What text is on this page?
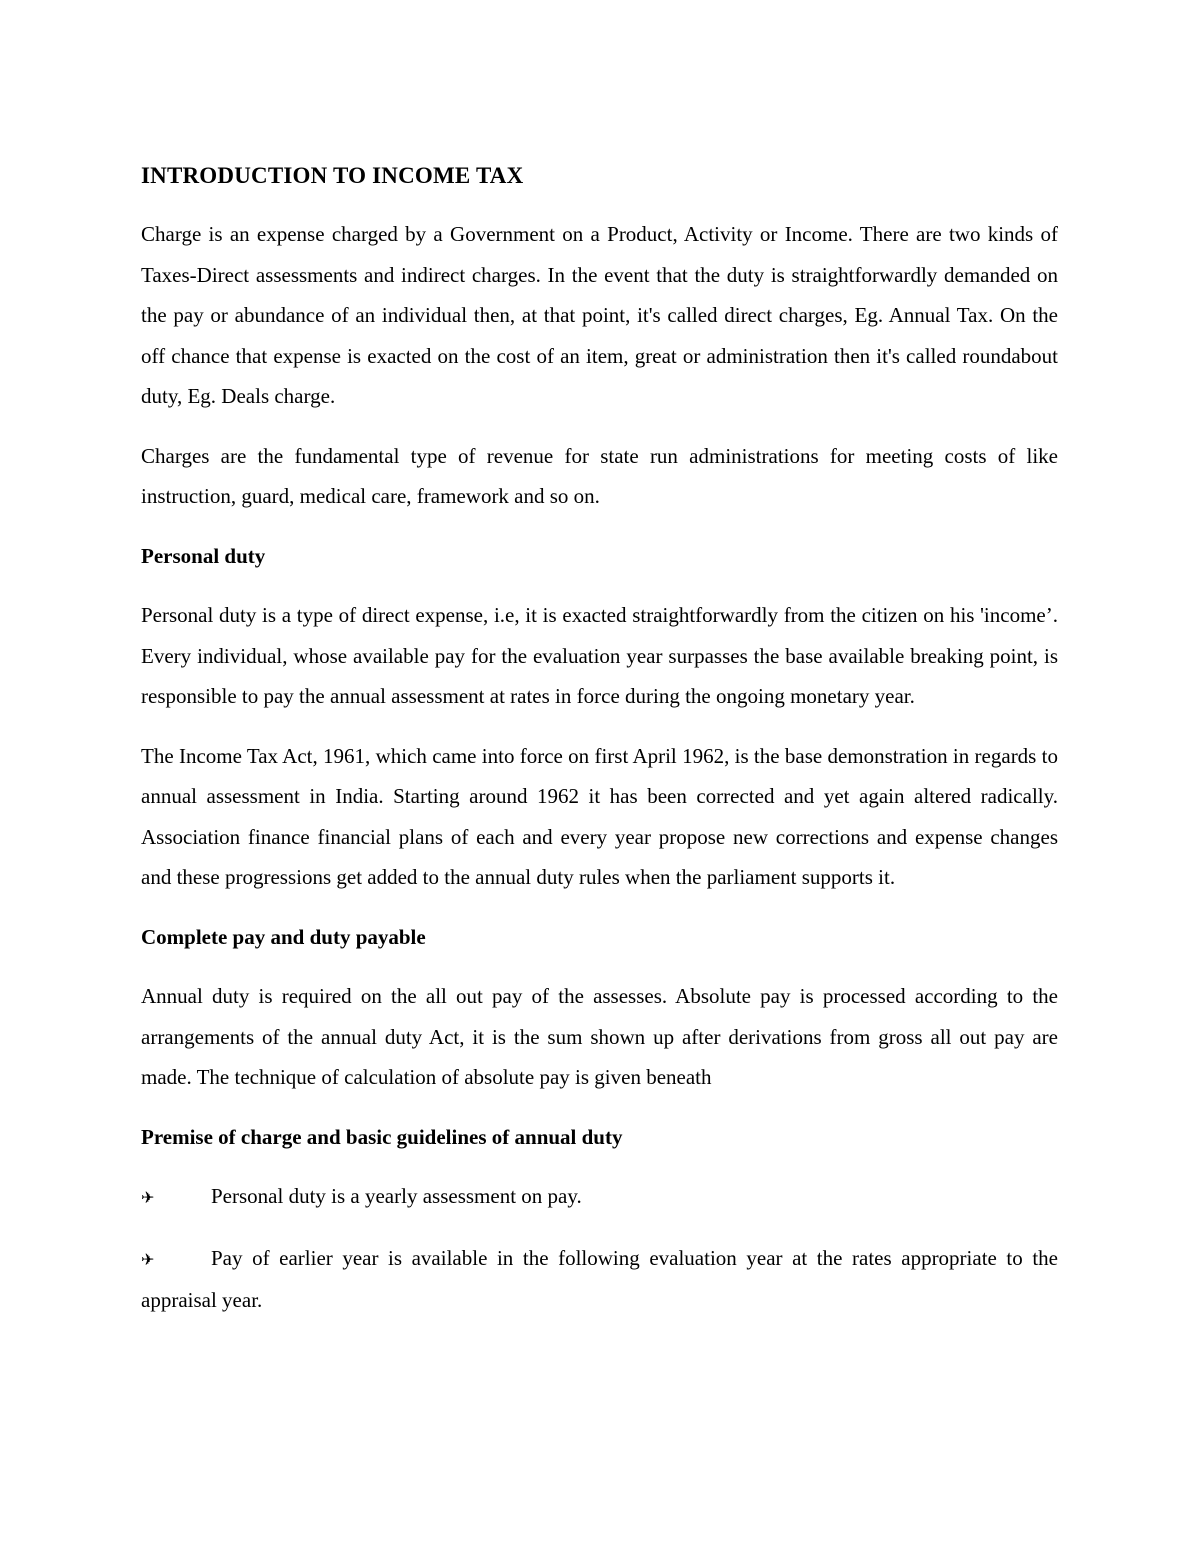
INTRODUCTION TO INCOME TAX

Charge is an expense charged by a Government on a Product, Activity or Income. There are two kinds of Taxes-Direct assessments and indirect charges. In the event that the duty is straightforwardly demanded on the pay or abundance of an individual then, at that point, it's called direct charges, Eg. Annual Tax. On the off chance that expense is exacted on the cost of an item, great or administration then it's called roundabout duty, Eg. Deals charge.

Charges are the fundamental type of revenue for state run administrations for meeting costs of like instruction, guard, medical care, framework and so on.

Personal duty

Personal duty is a type of direct expense, i.e, it is exacted straightforwardly from the citizen on his 'income’. Every individual, whose available pay for the evaluation year surpasses the base available breaking point, is responsible to pay the annual assessment at rates in force during the ongoing monetary year.

The Income Tax Act, 1961, which came into force on first April 1962, is the base demonstration in regards to annual assessment in India. Starting around 1962 it has been corrected and yet again altered radically. Association finance financial plans of each and every year propose new corrections and expense changes and these progressions get added to the annual duty rules when the parliament supports it.

Complete pay and duty payable

Annual duty is required on the all out pay of the assesses. Absolute pay is processed according to the arrangements of the annual duty Act, it is the sum shown up after derivations from gross all out pay are made. The technique of calculation of absolute pay is given beneath

Premise of charge and basic guidelines of annual duty
✈	Personal duty is a yearly assessment on pay.
✈	Pay of earlier year is available in the following evaluation year at the rates appropriate to the appraisal year.
